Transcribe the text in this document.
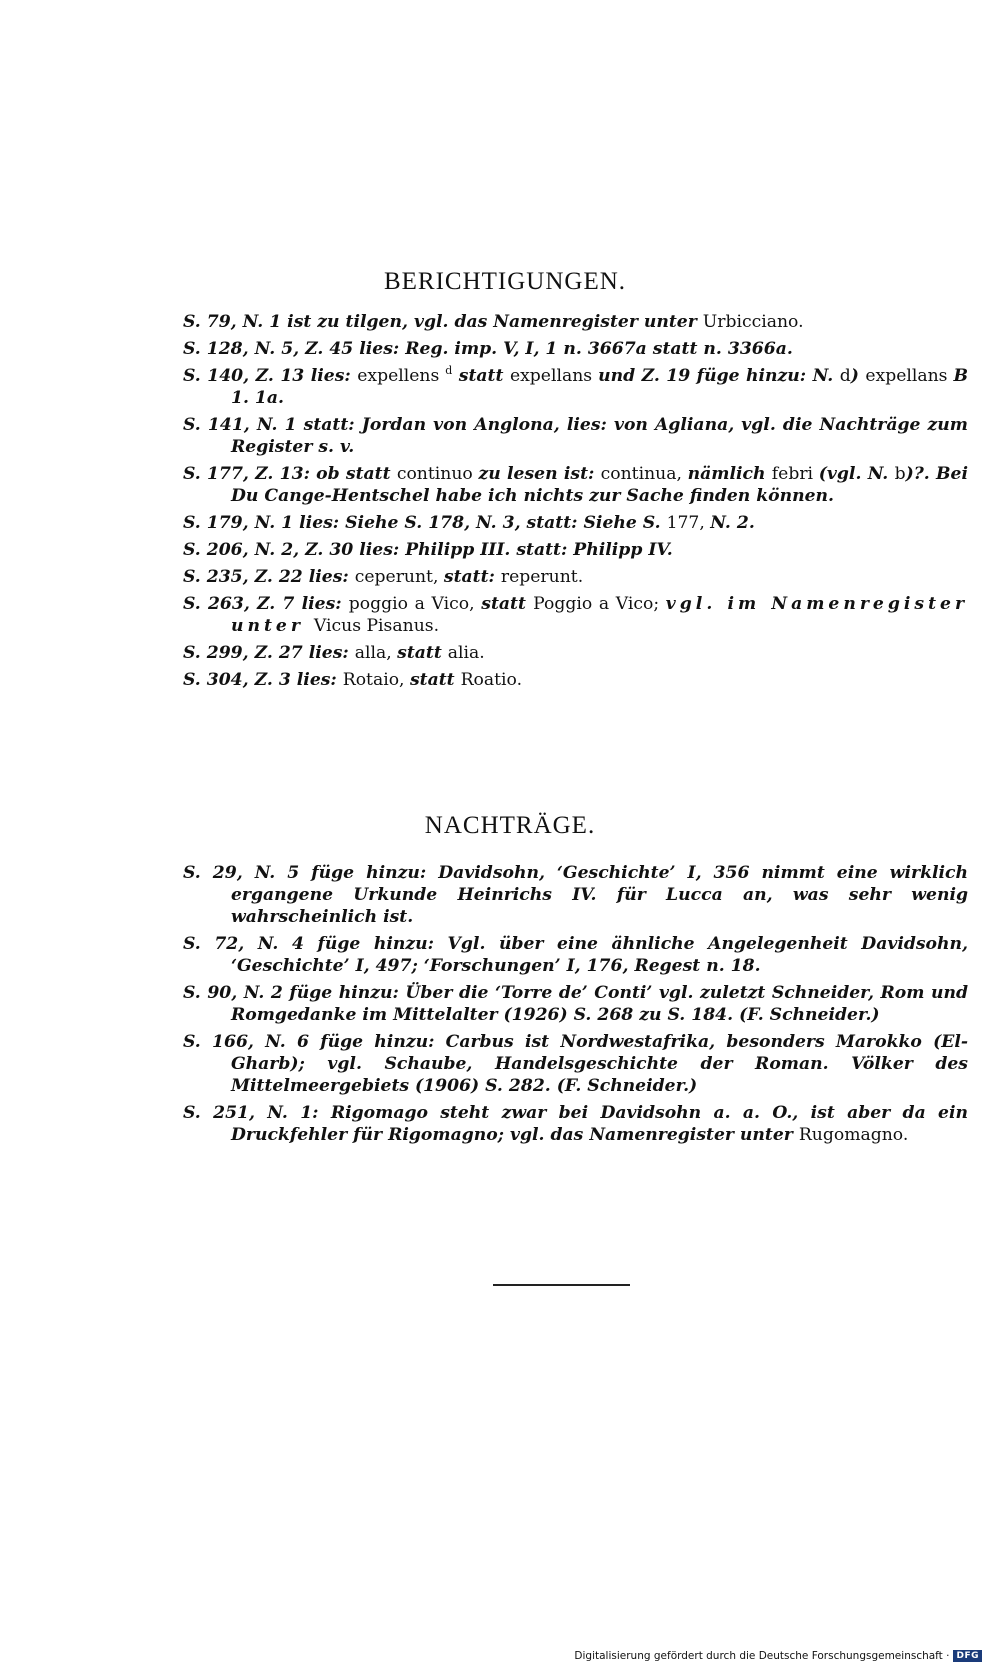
BERICHTIGUNGEN.

S. 79, N. 1 ist zu tilgen, vgl. das Namenregister unter Urbicciano.

S. 128, N. 5, Z. 45 lies: Reg. imp. V, I, 1 n. 3667a statt n. 3366a.

S. 140, Z. 13 lies: expellens $^d$ statt expellans und Z. 19 füge hinzu: N. d) expellans B 1. 1a.

S. 141, N. 1 statt: Jordan von Anglona, lies: von Agliana, vgl. die Nachträge zum Register s. v.

S. 177, Z. 13: ob statt continuo zu lesen ist: continua, nämlich febri (vgl. N. b)?. Bei Du Cange-Hentschel habe ich nichts zur Sache finden können.

S. 179, N. 1 lies: Siehe S. 178, N. 3, statt: Siehe S. 177, N. 2.

S. 206, N. 2, Z. 30 lies: Philipp III. statt: Philipp IV.

S. 235, Z. 22 lies: ceperunt, statt: reperunt.

S. 263, Z. 7 lies: poggio a Vico, statt Poggio a Vico; vgl. im Namenregister unter Vicus Pisanus.

S. 299, Z. 27 lies: alla, statt alia.

S. 304, Z. 3 lies: Rotaio, statt Roatio.

NACHTRÄGE.

S. 29, N. 5 füge hinzu: Davidsohn, ‘Geschichte’ I, 356 nimmt eine wirklich ergangene Urkunde Heinrichs IV. für Lucca an, was sehr wenig wahrscheinlich ist.

S. 72, N. 4 füge hinzu: Vgl. über eine ähnliche Angelegenheit Davidsohn, ‘Geschichte’ I, 497; ‘Forschungen’ I, 176, Regest n. 18.

S. 90, N. 2 füge hinzu: Über die ‘Torre de’ Conti’ vgl. zuletzt Schneider, Rom und Romgedanke im Mittelalter (1926) S. 268 zu S. 184. (F. Schneider.)

S. 166, N. 6 füge hinzu: Carbus ist Nordwestafrika, besonders Marokko (El-Gharb); vgl. Schaube, Handelsgeschichte der Roman. Völker des Mittelmeergebiets (1906) S. 282. (F. Schneider.)

S. 251, N. 1: Rigomago steht zwar bei Davidsohn a. a. O., ist aber da ein Druckfehler für Rigomagno; vgl. das Namenregister unter Rugomagno.

Digitalisierung gefördert durch die Deutsche Forschungsgemeinschaft · DFG
